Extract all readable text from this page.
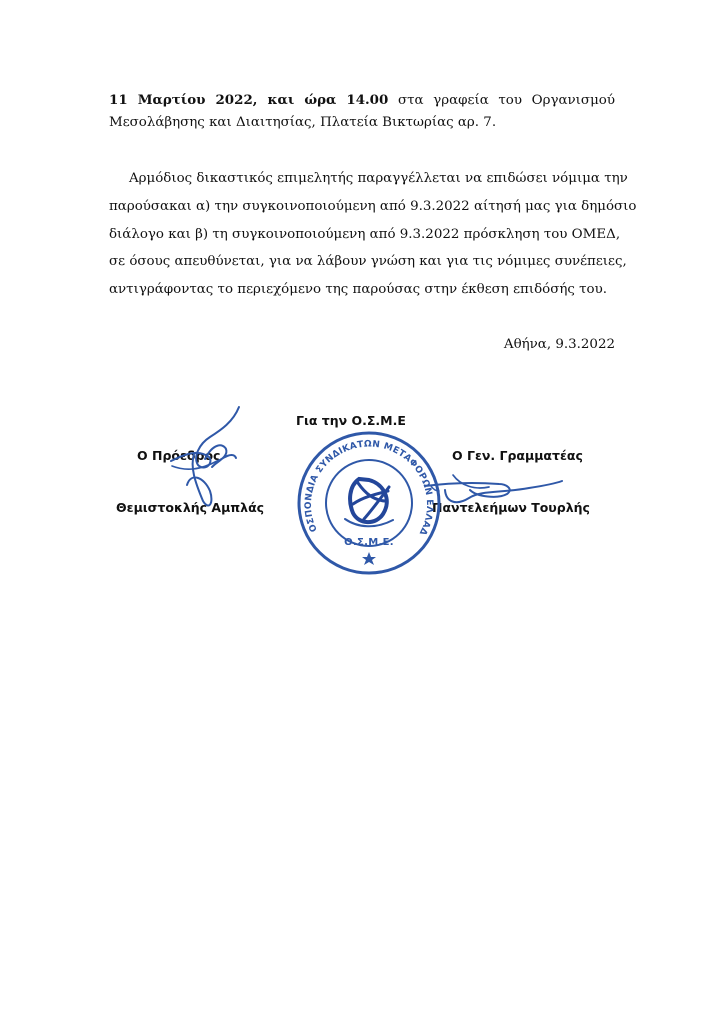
11 Μαρτίου 2022, και ώρα 14.00 στα γραφεία του Οργανισμού
Μεσολάβησης και Διαιτησίας, Πλατεία Βικτωρίας αρ. 7.
Αρμόδιος δικαστικός επιμελητής παραγγέλλεται να επιδώσει νόμιμα την
παρούσακαι α) την συγκοινοποιούμενη από 9.3.2022 αίτησή μας για δημόσιο
διάλογο και β) τη συγκοινοποιούμενη από 9.3.2022 πρόσκληση του ΟΜΕΔ,
σε όσους απευθύνεται, για να λάβουν γνώση και για τις νόμιμες συνέπειες,
αντιγράφοντας το περιεχόμενο της παρούσας στην έκθεση επιδόσής του.
Αθήνα, 9.3.2022
Για την Ο.Σ.Μ.Ε
Ο Πρόεδρος
Θεμιστοκλής Αμπλάς
Ο Γεν. Γραμματέας
Παντελεήμων Τουρλής
ΟΜΟΣΠΟΝΔΙΑ ΣΥΝΔΙΚΑΤΩΝ ΜΕΤΑΦΟΡΩΝ ΕΛΛΑΔΑΣ
Ο.Σ.Μ.Ε.
